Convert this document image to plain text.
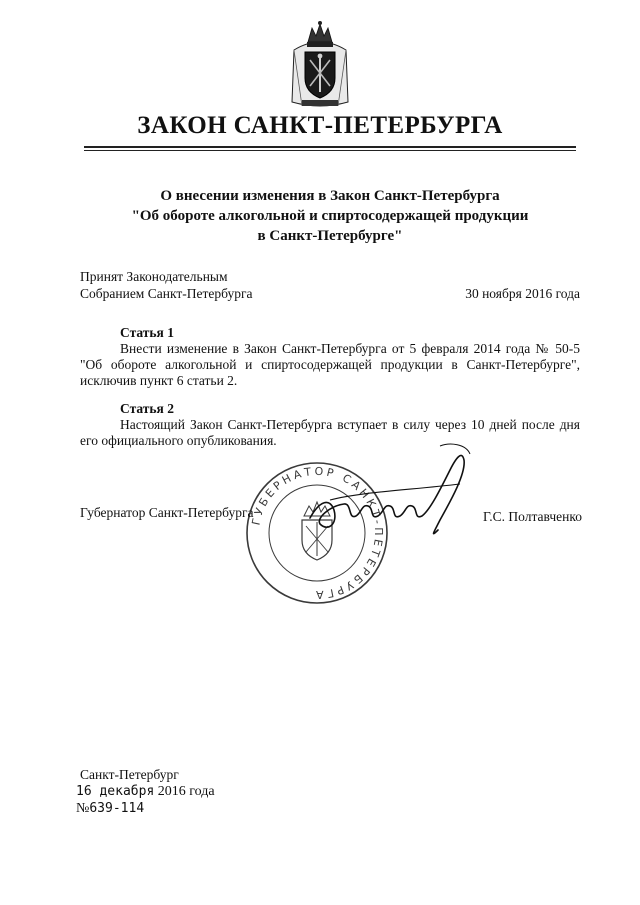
ЗАКОН САНКТ-ПЕТЕРБУРГА
О внесении изменения в Закон Санкт-Петербурга
"Об обороте алкогольной и спиртосодержащей продукции
в Санкт-Петербурге"
Принят Законодательным
Собранием Санкт-Петербурга	30 ноября 2016 года
Статья 1
Внести изменение в Закон Санкт-Петербурга от 5 февраля 2014 года № 50-5 "Об обороте алкогольной и спиртосодержащей продукции в Санкт-Петербурге", исключив пункт 6 статьи 2.
Статья 2
Настоящий Закон Санкт-Петербурга вступает в силу через 10 дней после дня его официального опубликования.
ГУБЕРНАТОР САНКТ-ПЕТЕРБУРГА
Губернатор Санкт-Петербурга	Г.С. Полтавченко
Санкт-Петербург
16 декабря 2016 года
№639-114
